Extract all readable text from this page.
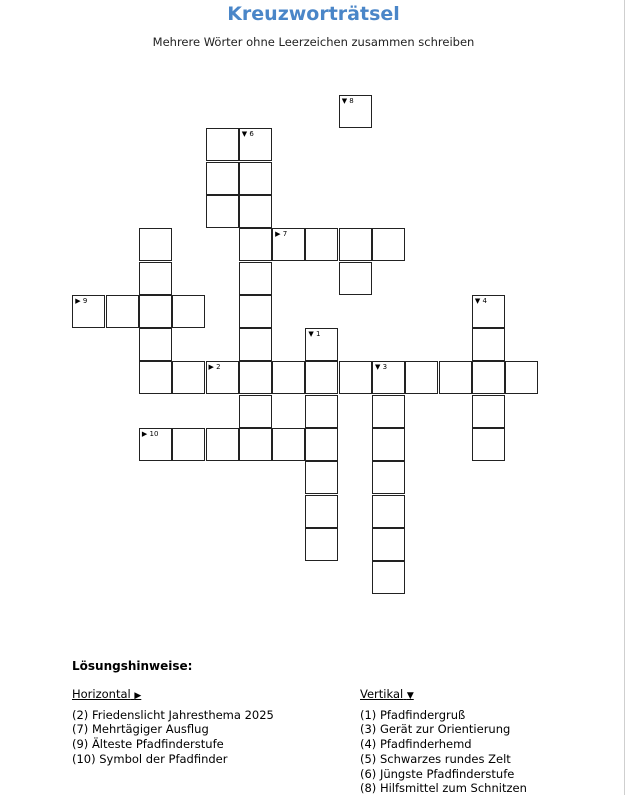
Kreuzworträtsel
Mehrere Wörter ohne Leerzeichen zusammen schreiben
▼ 8
▼ 6
▶ 7
▶ 9	▼ 4
▼ 1
▶ 2	▼ 3
▶ 10
Lösungshinweise:
Horizontal ▶
(2) Friedenslicht Jahresthema 2025
(7) Mehrtägiger Ausflug
(9) Älteste Pfadfinderstufe
(10) Symbol der Pfadfinder
Vertikal ▼
(1) Pfadfindergruß
(3) Gerät zur Orientierung
(4) Pfadfinderhemd
(5) Schwarzes rundes Zelt
(6) Jüngste Pfadfinderstufe
(8) Hilfsmittel zum Schnitzen
